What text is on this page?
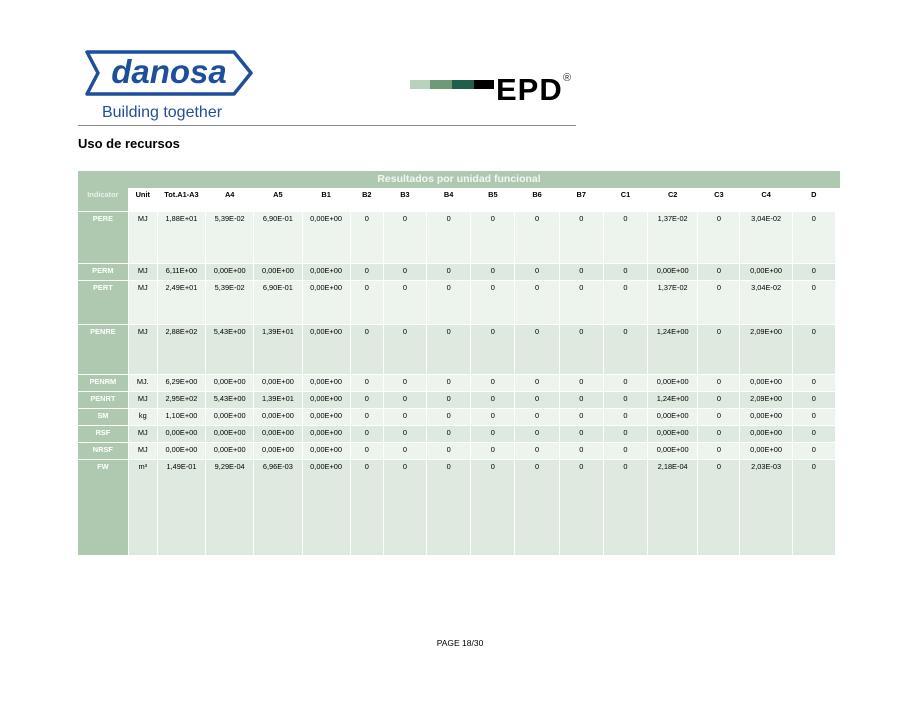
danosa
Building together
EPD ®
Uso de recursos
Resultados por unidad funcional
Indicator	Unit	Tot.A1-A3	A4	A5	B1	B2	B3	B4	B5	B6	B7	C1	C2	C3	C4	D
PERE	MJ	1,88E+01	5,39E-02	6,90E-01	0,00E+00	0	0	0	0	0	0	0	1,37E-02	0	3,04E-02	0
PERM	MJ	6,11E+00	0,00E+00	0,00E+00	0,00E+00	0	0	0	0	0	0	0	0,00E+00	0	0,00E+00	0
PERT	MJ	2,49E+01	5,39E-02	6,90E-01	0,00E+00	0	0	0	0	0	0	0	1,37E-02	0	3,04E-02	0
PENRE	MJ	2,88E+02	5,43E+00	1,39E+01	0,00E+00	0	0	0	0	0	0	0	1,24E+00	0	2,09E+00	0
PENRM	MJ.	6,29E+00	0,00E+00	0,00E+00	0,00E+00	0	0	0	0	0	0	0	0,00E+00	0	0,00E+00	0
PENRT	MJ	2,95E+02	5,43E+00	1,39E+01	0,00E+00	0	0	0	0	0	0	0	1,24E+00	0	2,09E+00	0
SM	kg	1,10E+00	0,00E+00	0,00E+00	0,00E+00	0	0	0	0	0	0	0	0,00E+00	0	0,00E+00	0
RSF	MJ	0,00E+00	0,00E+00	0,00E+00	0,00E+00	0	0	0	0	0	0	0	0,00E+00	0	0,00E+00	0
NRSF	MJ	0,00E+00	0,00E+00	0,00E+00	0,00E+00	0	0	0	0	0	0	0	0,00E+00	0	0,00E+00	0
FW	m³	1,49E-01	9,29E-04	6,96E-03	0,00E+00	0	0	0	0	0	0	0	2,18E-04	0	2,03E-03	0
PAGE 18/30
